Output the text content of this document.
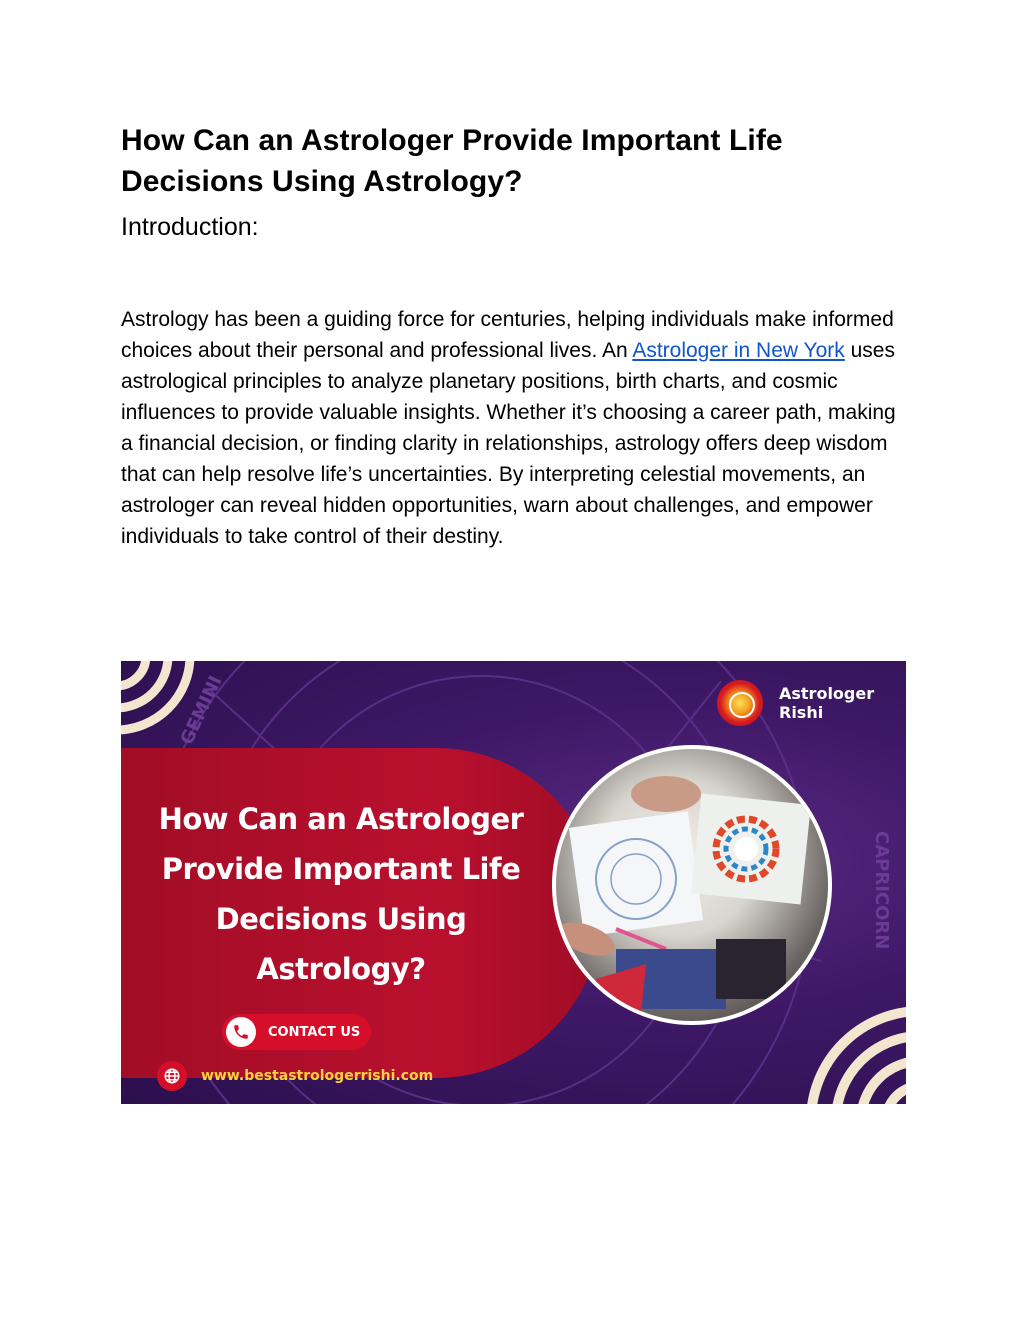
How Can an Astrologer Provide Important Life Decisions Using Astrology?
Introduction:

Astrology has been a guiding force for centuries, helping individuals make informed choices about their personal and professional lives. An Astrologer in New York uses astrological principles to analyze planetary positions, birth charts, and cosmic influences to provide valuable insights. Whether it’s choosing a career path, making a financial decision, or finding clarity in relationships, astrology offers deep wisdom that can help resolve life’s uncertainties. By interpreting celestial movements, an astrologer can reveal hidden opportunities, warn about challenges, and empower individuals to take control of their destiny.

GEMINI
CAPRICORN
How Can an Astrologer Provide Important Life Decisions Using Astrology?
Astrologer
Rishi
CONTACT US
www.bestastrologerrishi.com
